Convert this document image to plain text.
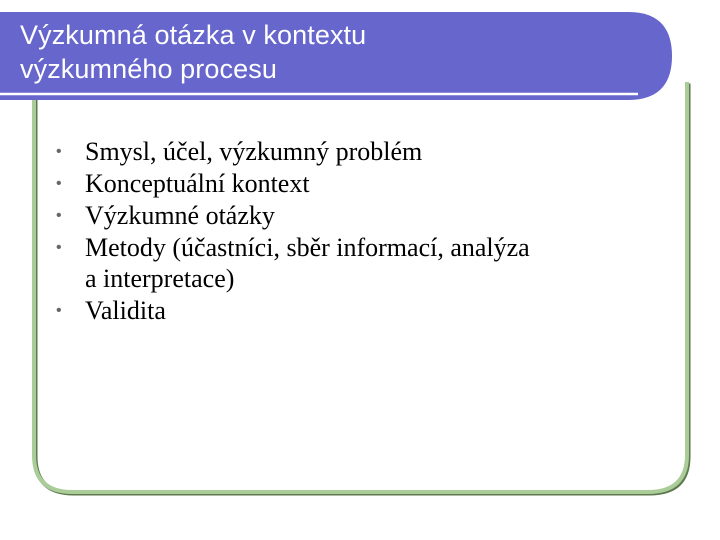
Výzkumná otázka v kontextu
výzkumného procesu
• Smysl, účel, výzkumný problém
• Konceptuální kontext
• Výzkumné otázky
• Metody (účastníci, sběr informací, analýza
a interpretace)
• Validita
